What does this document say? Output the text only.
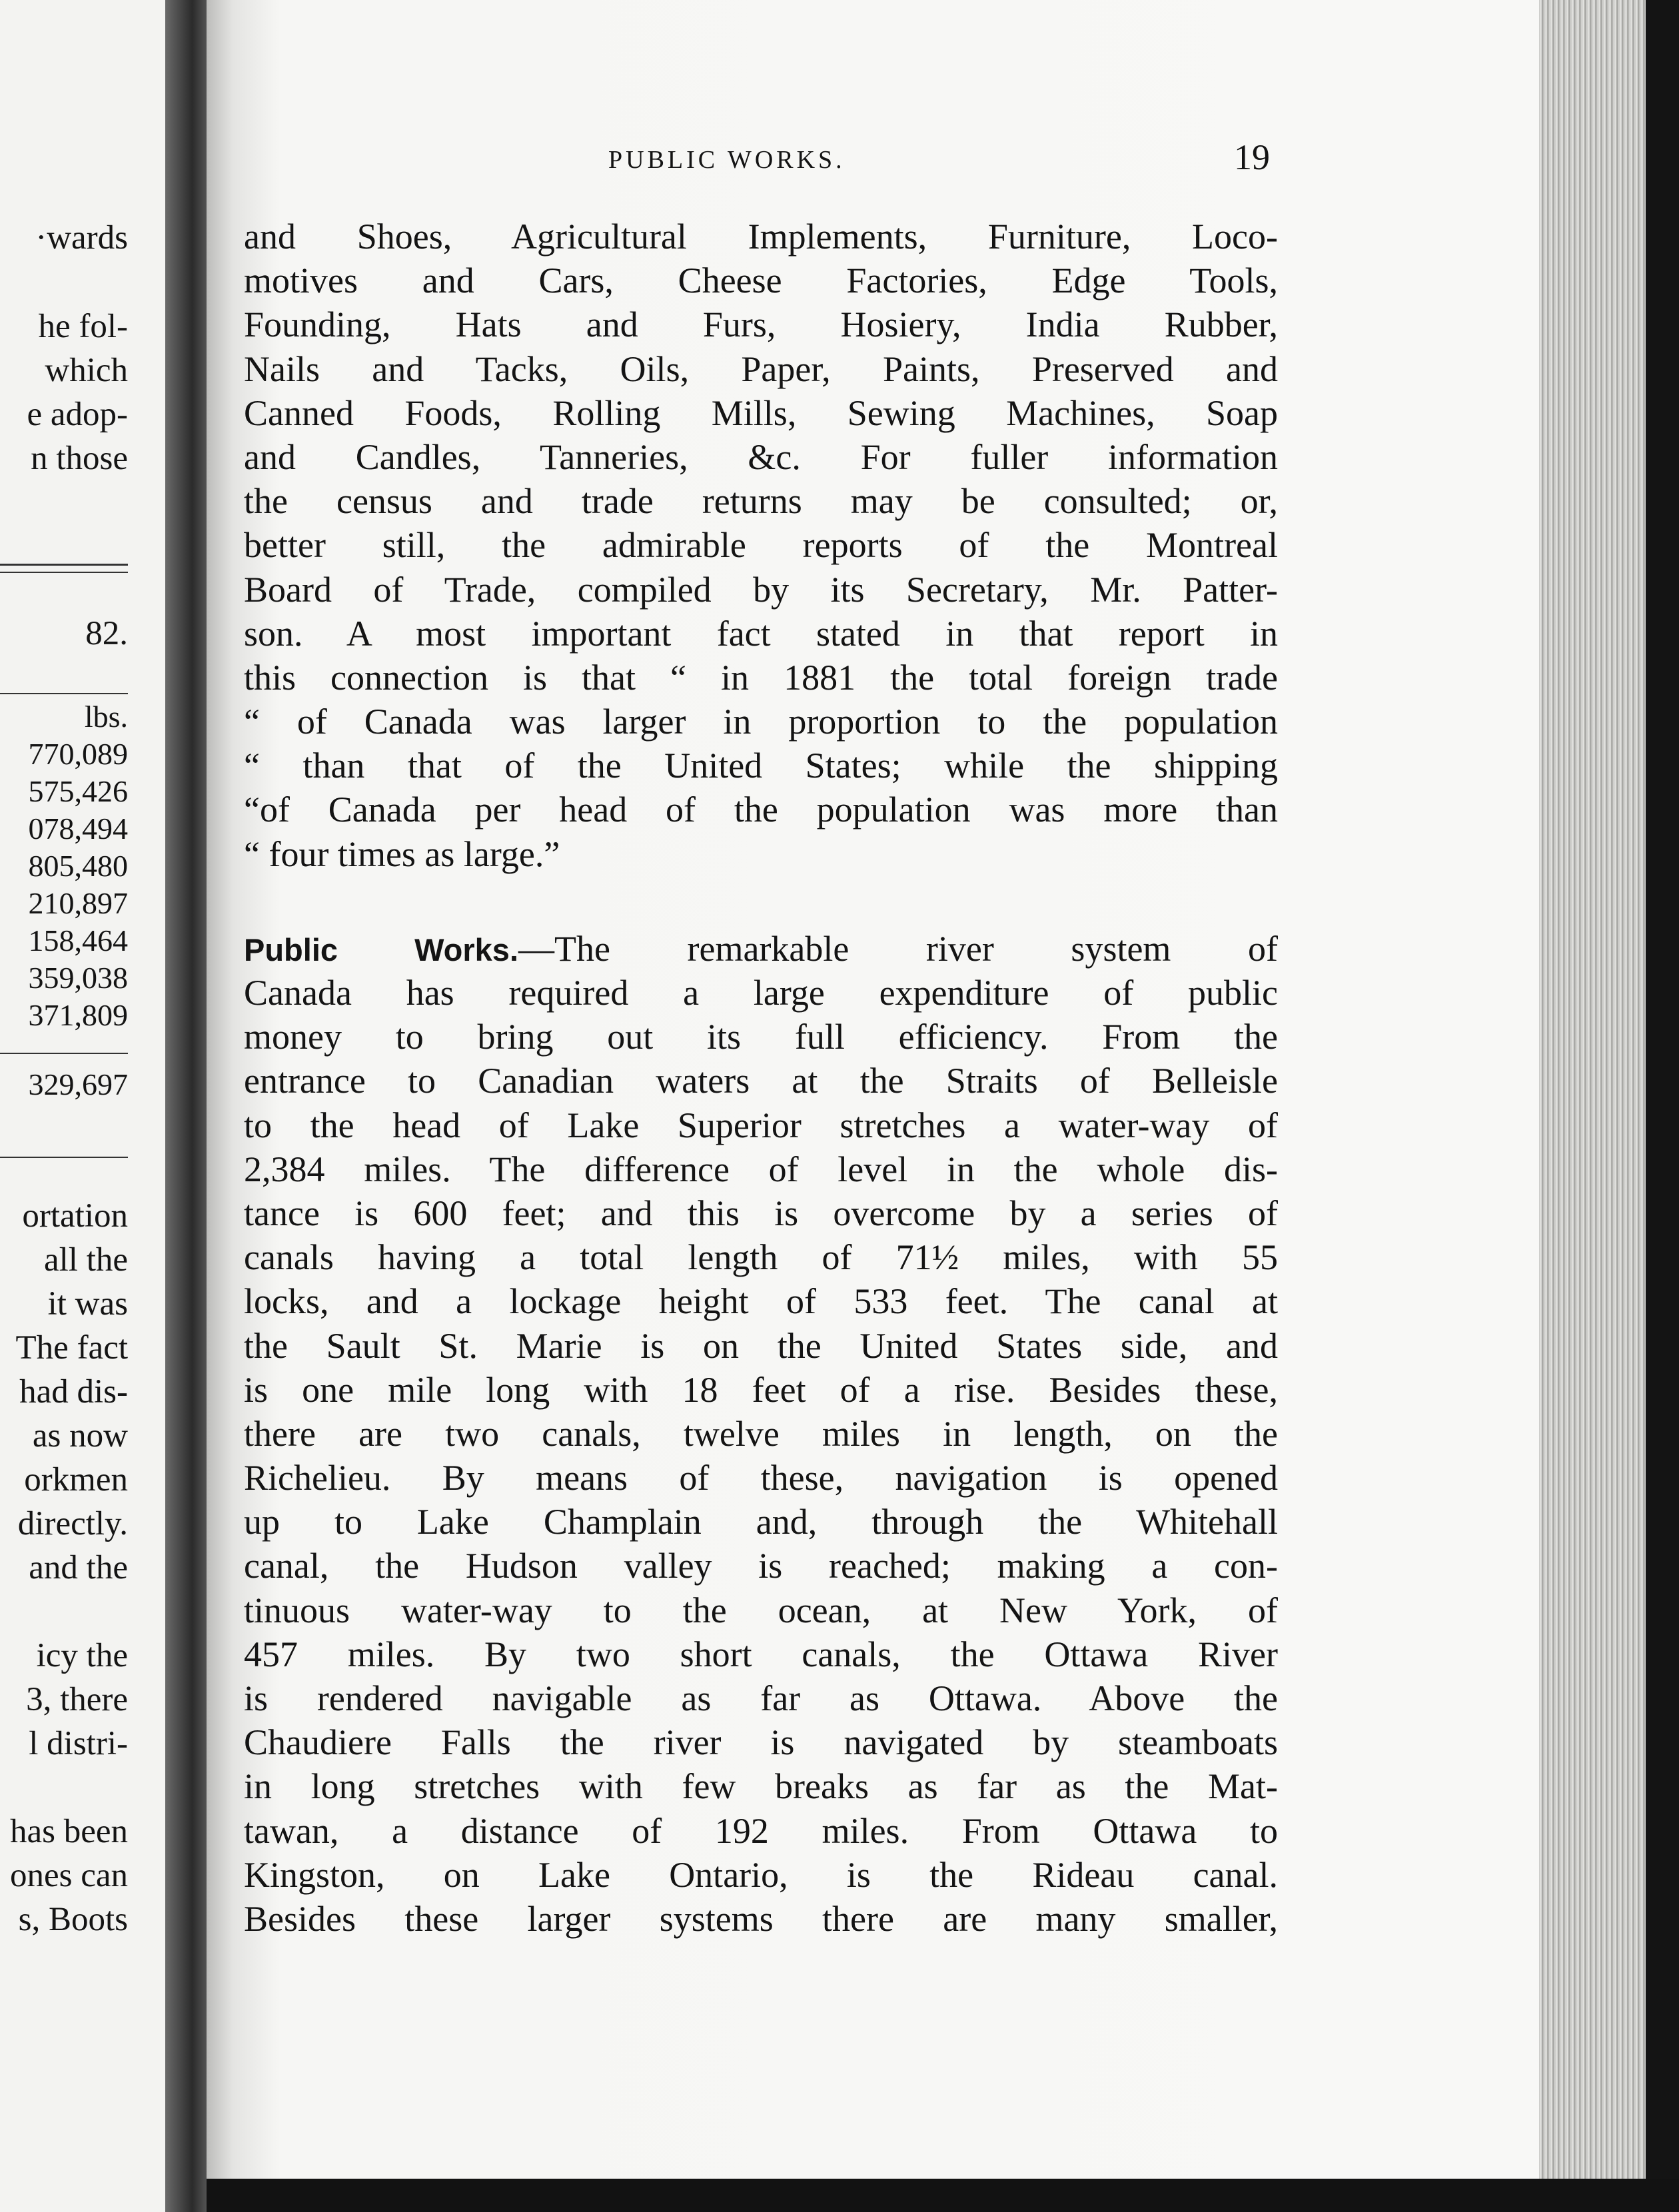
·wards
he fol-
which
e adop-
n those
82.
lbs.
770,089
575,426
078,494
805,480
210,897
158,464
359,038
371,809
329,697
ortation
all the
it was
The fact
had dis-
as now
orkmen
directly.
and the
icy the
3, there
l distri-
has been
ones can
s, Boots
PUBLIC WORKS.	19
and Shoes, Agricultural Implements, Furniture, Loco-
motives and Cars, Cheese Factories, Edge Tools,
Founding, Hats and Furs, Hosiery, India Rubber,
Nails and Tacks, Oils, Paper, Paints, Preserved and
Canned Foods, Rolling Mills, Sewing Machines, Soap
and Candles, Tanneries, &c. For fuller information
the census and trade returns may be consulted; or,
better still, the admirable reports of the Montreal
Board of Trade, compiled by its Secretary, Mr. Patter-
son. A most important fact stated in that report in
this connection is that “ in 1881 the total foreign trade
“ of Canada was larger in proportion to the population
“ than that of the United States; while the shipping
“of Canada per head of the population was more than
“ four times as large.”
Public Works.—The remarkable river system of
Canada has required a large expenditure of public
money to bring out its full efficiency. From the
entrance to Canadian waters at the Straits of Belleisle
to the head of Lake Superior stretches a water-way of
2,384 miles. The difference of level in the whole dis-
tance is 600 feet; and this is overcome by a series of
canals having a total length of 71½ miles, with 55
locks, and a lockage height of 533 feet. The canal at
the Sault St. Marie is on the United States side, and
is one mile long with 18 feet of a rise. Besides these,
there are two canals, twelve miles in length, on the
Richelieu. By means of these, navigation is opened
up to Lake Champlain and, through the Whitehall
canal, the Hudson valley is reached; making a con-
tinuous water-way to the ocean, at New York, of
457 miles. By two short canals, the Ottawa River
is rendered navigable as far as Ottawa. Above the
Chaudiere Falls the river is navigated by steamboats
in long stretches with few breaks as far as the Mat-
tawan, a distance of 192 miles. From Ottawa to
Kingston, on Lake Ontario, is the Rideau canal.
Besides these larger systems there are many smaller,
